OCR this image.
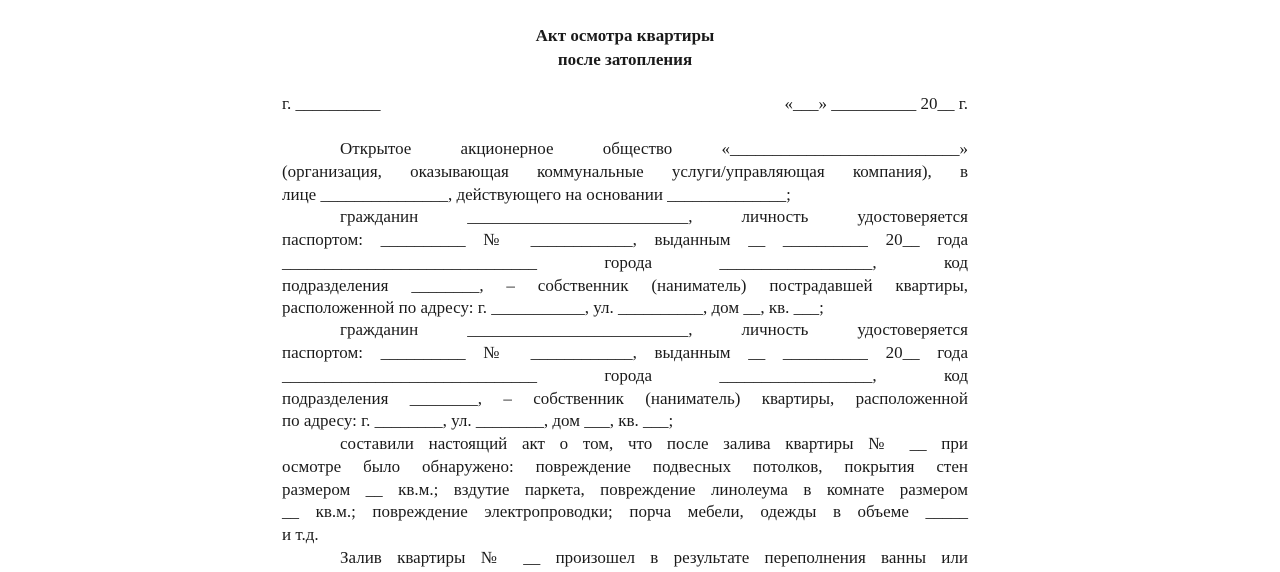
Акт осмотра квартиры
после затопления
г. __________	«___» __________ 20__ г.
Открытое акционерное общество «___________________________»
(организация, оказывающая коммунальные услуги/управляющая компания), в
лице _______________, действующего на основании ______________;
гражданин __________________________, личность удостоверяется
паспортом: __________ № ____________, выданным __ __________ 20__ года
______________________________ города __________________, код
подразделения ________, – собственник (наниматель) пострадавшей квартиры,
расположенной по адресу: г. ___________, ул. __________, дом __, кв. ___;
гражданин __________________________, личность удостоверяется
паспортом: __________ № ____________, выданным __ __________ 20__ года
______________________________ города __________________, код
подразделения ________, – собственник (наниматель) квартиры, расположенной
по адресу: г. ________, ул. ________, дом ___, кв. ___;
составили настоящий акт о том, что после залива квартиры № __ при
осмотре было обнаружено: повреждение подвесных потолков, покрытия стен
размером __ кв.м.; вздутие паркета, повреждение линолеума в комнате размером
__ кв.м.; повреждение электропроводки; порча мебели, одежды в объеме _____
и т.д.
Залив квартиры № __ произошел в результате переполнения ванны или
